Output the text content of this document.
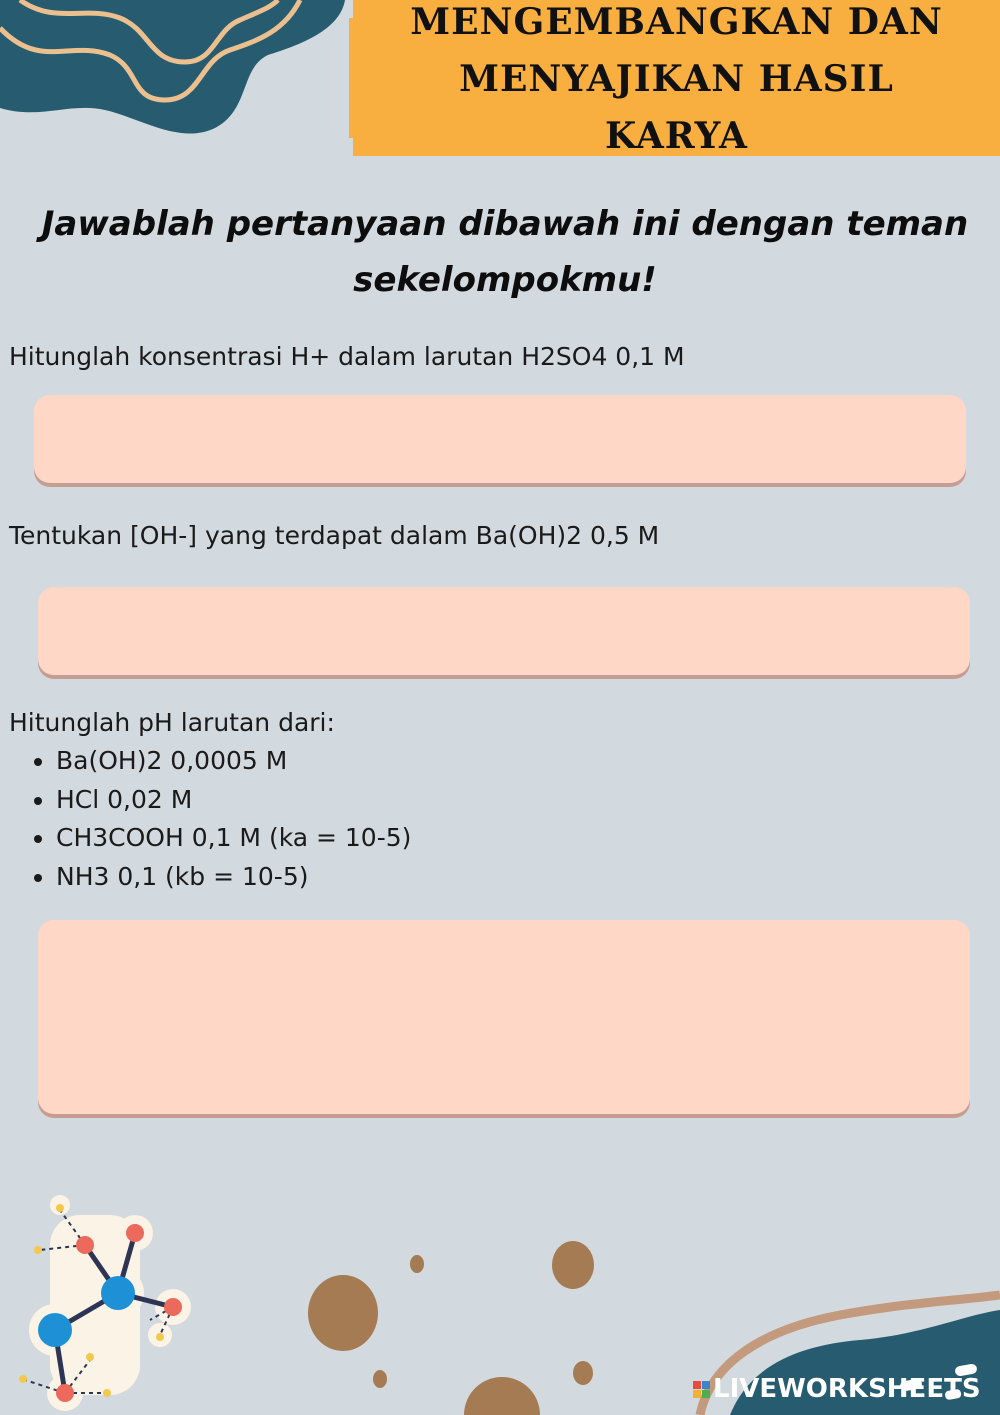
MENGEMBANGKAN DAN
MENYAJIKAN HASIL
KARYA
Jawablah pertanyaan dibawah ini dengan teman
sekelompokmu!
Hitunglah konsentrasi H+ dalam larutan H2SO4 0,1 M
Tentukan [OH-] yang terdapat dalam Ba(OH)2 0,5 M
Hitunglah pH larutan dari:
• Ba(OH)2 0,0005 M
• HCl 0,02 M
• CH3COOH 0,1 M (ka = 10-5)
• NH3 0,1 (kb = 10-5)
LIVEWORKSHEETS
